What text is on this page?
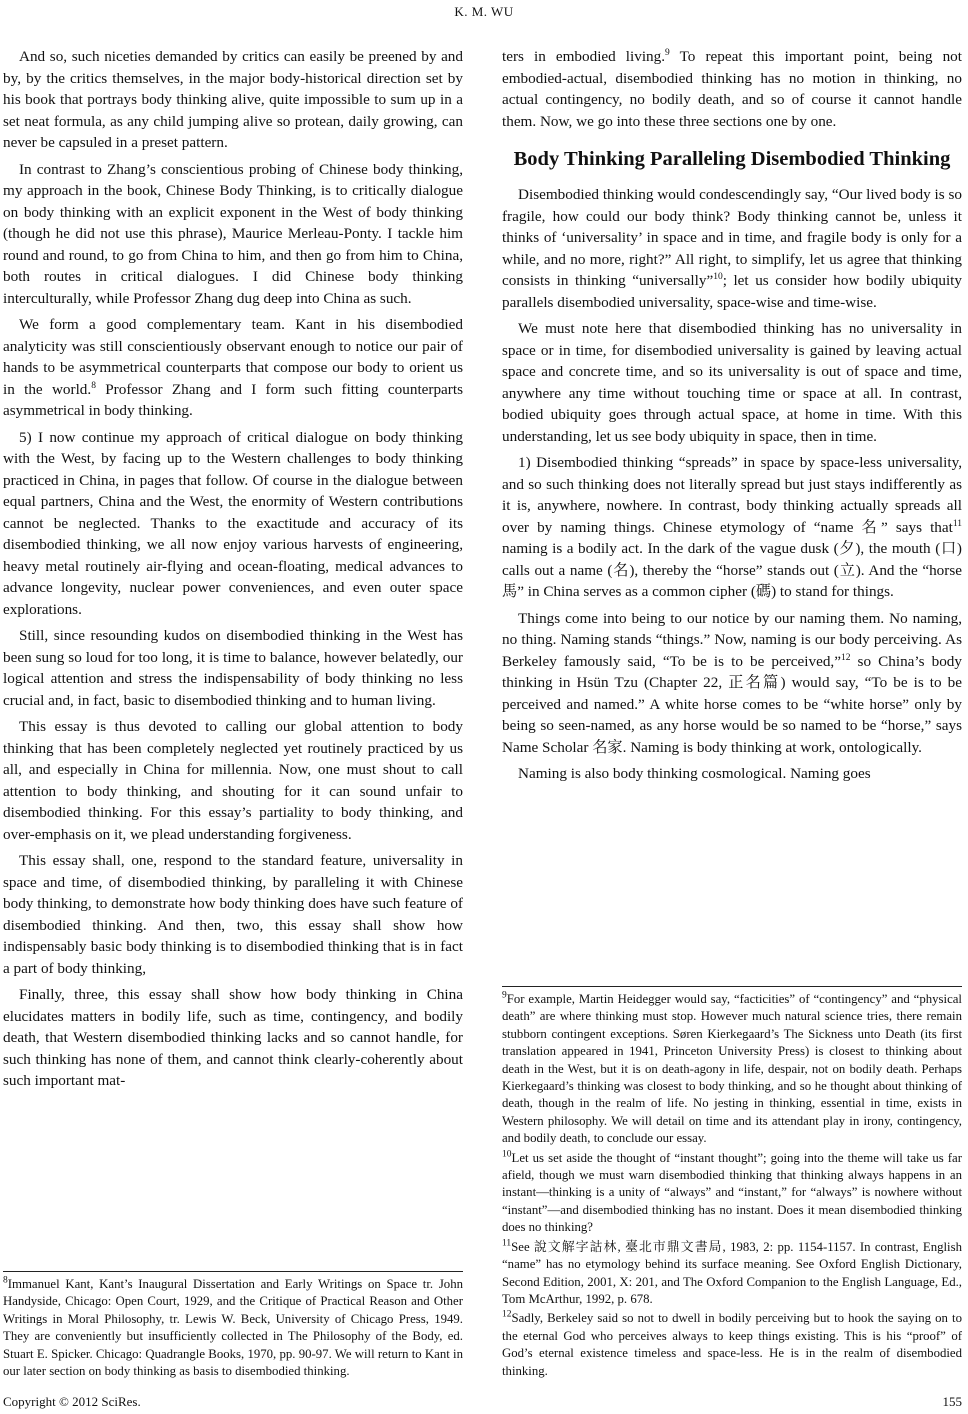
K. M. WU

And so, such niceties demanded by critics can easily be preened by and by, by the critics themselves, in the major body-historical direction set by his book that portrays body thinking alive, quite impossible to sum up in a set neat formula, as any child jumping alive so protean, daily growing, can never be capsuled in a preset pattern.

In contrast to Zhang’s conscientious probing of Chinese body thinking, my approach in the book, Chinese Body Thinking, is to critically dialogue on body thinking with an explicit exponent in the West of body thinking (though he did not use this phrase), Maurice Merleau-Ponty. I tackle him round and round, to go from China to him, and then go from him to China, both routes in critical dialogues. I did Chinese body thinking interculturally, while Professor Zhang dug deep into China as such.

We form a good complementary team. Kant in his disembodied analyticity was still conscientiously observant enough to notice our pair of hands to be asymmetrical counterparts that compose our body to orient us in the world.$^8$ Professor Zhang and I form such fitting counterparts asymmetrical in body thinking.

5) I now continue my approach of critical dialogue on body thinking with the West, by facing up to the Western challenges to body thinking practiced in China, in pages that follow. Of course in the dialogue between equal partners, China and the West, the enormity of Western contributions cannot be neglected. Thanks to the exactitude and accuracy of its disembodied thinking, we all now enjoy various harvests of engineering, heavy metal routinely air-flying and ocean-floating, medical advances to advance longevity, nuclear power conveniences, and even outer space explorations.

Still, since resounding kudos on disembodied thinking in the West has been sung so loud for too long, it is time to balance, however belatedly, our logical attention and stress the indispensability of body thinking no less crucial and, in fact, basic to disembodied thinking and to human living.

This essay is thus devoted to calling our global attention to body thinking that has been completely neglected yet routinely practiced by us all, and especially in China for millennia. Now, one must shout to call attention to body thinking, and shouting for it can sound unfair to disembodied thinking. For this essay’s partiality to body thinking, and over-emphasis on it, we plead understanding forgiveness.

This essay shall, one, respond to the standard feature, universality in space and time, of disembodied thinking, by paralleling it with Chinese body thinking, to demonstrate how body thinking does have such feature of disembodied thinking. And then, two, this essay shall show how indispensably basic body thinking is to disembodied thinking that is in fact a part of body thinking,

Finally, three, this essay shall show how body thinking in China elucidates matters in bodily life, such as time, contingency, and bodily death, that Western disembodied thinking lacks and so cannot handle, for such thinking has none of them, and cannot think clearly-coherently about such important mat-

ters in embodied living.$^9$ To repeat this important point, being not embodied-actual, disembodied thinking has no motion in thinking, no actual contingency, no bodily death, and so of course it cannot handle them. Now, we go into these three sections one by one.

Body Thinking Paralleling Disembodied Thinking

Disembodied thinking would condescendingly say, “Our lived body is so fragile, how could our body think? Body thinking cannot be, unless it thinks of ‘universality’ in space and in time, and fragile body is only for a while, and no more, right?” All right, to simplify, let us agree that thinking consists in thinking “universally”$^{10}$; let us consider how bodily ubiquity parallels disembodied universality, space-wise and time-wise.

We must note here that disembodied thinking has no universality in space or in time, for disembodied universality is gained by leaving actual space and concrete time, and so its universality is out of space and time, anywhere any time without touching time or space at all. In contrast, bodied ubiquity goes through actual space, at home in time. With this understanding, let us see body ubiquity in space, then in time.

1) Disembodied thinking “spreads” in space by space-less universality, and so such thinking does not literally spread but just stays indifferently as it is, anywhere, nowhere. In contrast, body thinking actually spreads all over by naming things. Chinese etymology of “name 名” says that$^{11}$ naming is a bodily act. In the dark of the vague dusk (夕), the mouth (口) calls out a name (名), thereby the “horse” stands out (立). And the “horse 馬” in China serves as a common cipher (碼) to stand for things.

Things come into being to our notice by our naming them. No naming, no thing. Naming stands “things.” Now, naming is our body perceiving. As Berkeley famously said, “To be is to be perceived,”$^{12}$ so China’s body thinking in Hsün Tzu (Chapter 22, 正名篇) would say, “To be is to be perceived and named.” A white horse comes to be “white horse” only by being so seen-named, as any horse would be so named to be “horse,” says Name Scholar 名家. Naming is body thinking at work, ontologically.

Naming is also body thinking cosmological. Naming goes

$^8$Immanuel Kant, Kant’s Inaugural Dissertation and Early Writings on Space tr. John Handyside, Chicago: Open Court, 1929, and the Critique of Practical Reason and Other Writings in Moral Philosophy, tr. Lewis W. Beck, University of Chicago Press, 1949. They are conveniently but insufficiently collected in The Philosophy of the Body, ed. Stuart E. Spicker. Chicago: Quadrangle Books, 1970, pp. 90-97. We will return to Kant in our later section on body thinking as basis to disembodied thinking.

$^9$For example, Martin Heidegger would say, “facticities” of “contingency” and “physical death” are where thinking must stop. However much natural science tries, there remain stubborn contingent exceptions. Søren Kierkegaard’s The Sickness unto Death (its first translation appeared in 1941, Princeton University Press) is closest to thinking about death in the West, but it is on death-agony in life, despair, not on bodily death. Perhaps Kierkegaard’s thinking was closest to body thinking, and so he thought about thinking of death, though in the realm of life. No jesting in thinking, essential in time, exists in Western philosophy. We will detail on time and its attendant play in irony, contingency, and bodily death, to conclude our essay.

$^{10}$Let us set aside the thought of “instant thought”; going into the theme will take us far afield, though we must warn disembodied thinking that thinking always happens in an instant—thinking is a unity of “always” and “instant,” for “always” is nowhere without “instant”—and disembodied thinking has no instant. Does it mean disembodied thinking does no thinking?

$^{11}$See 說文解字詁林, 臺北市鼎文書局, 1983, 2: pp. 1154-1157. In contrast, English “name” has no etymology behind its surface meaning. See Oxford English Dictionary, Second Edition, 2001, X: 201, and The Oxford Companion to the English Language, Ed., Tom McArthur, 1992, p. 678.

$^{12}$Sadly, Berkeley said so not to dwell in bodily perceiving but to hook the saying on to the eternal God who perceives always to keep things existing. This is his “proof” of God’s eternal existence timeless and space-less. He is in the realm of disembodied thinking.

Copyright © 2012 SciRes.	155
